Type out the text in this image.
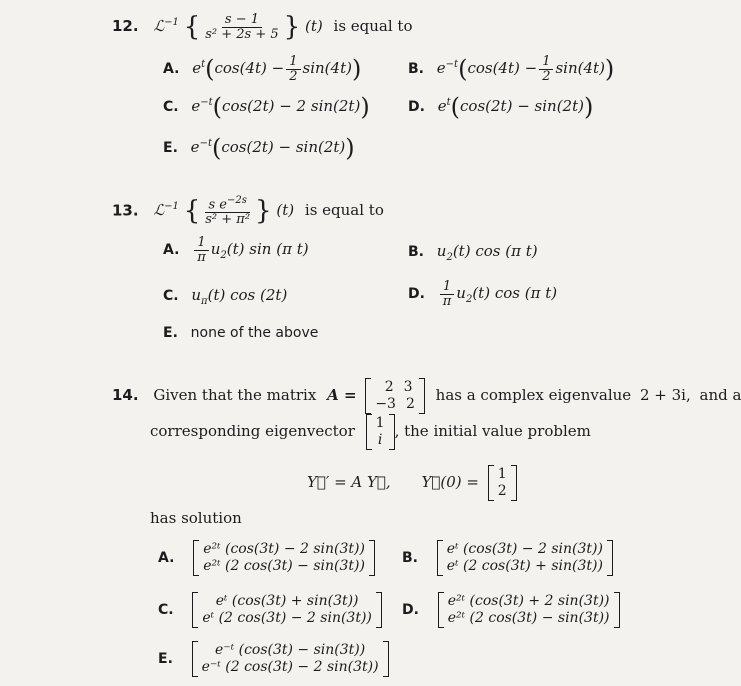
12. ℒ$^{-1}$ { $\frac{s - 1}{\text{s² + 2s + 5}}$ } (t) is equal to
A. $e^t(\cos(4t) - \frac{1}{2} \sin(4t))$	B. $e^{-t}(\cos(4t) - \frac{1}{2} \sin(4t))$
C. $e^{-t}(\cos(2t) - 2$ sin(2t))	D. $e^t(\cos(2t) - \sin(2t))$
E. $e^{-t}(\cos(2t) - \sin(2t))$
13. ℒ$^{-1}$ { $\frac{s e^{-2s}}{\text{s² + π²}}$ } (t) is equal to
A. $\frac{1}{\pi} u_2(t)$ sin (π t)	B. $u_2(t)$ cos (π t)
C. $u_\pi(t)$ cos (2t)	D. $\frac{1}{\pi} u_2(t)$ cos (π t)
E. none of the above
14. Given that the matrix A =	2 3
−3 2 has a complex eigenvalue 2 + 3i, and a
corresponding eigenvector 1
i , the initial value problem
Y⃗′ = A Y⃗, Y⃗(0) = 1
2
has solution
A.
e²ᵗ (cos(3t) − 2 sin(3t))
e²ᵗ (2 cos(3t) − sin(3t))	B.
eᵗ (cos(3t) − 2 sin(3t))
eᵗ (2 cos(3t) + sin(3t))
C.
eᵗ (cos(3t) + sin(3t))
eᵗ (2 cos(3t) − 2 sin(3t)) D.
e²ᵗ (cos(3t) + 2 sin(3t))
e²ᵗ (2 cos(3t) − sin(3t))
E.
e⁻ᵗ (cos(3t) − sin(3t))
e⁻ᵗ (2 cos(3t) − 2 sin(3t))
